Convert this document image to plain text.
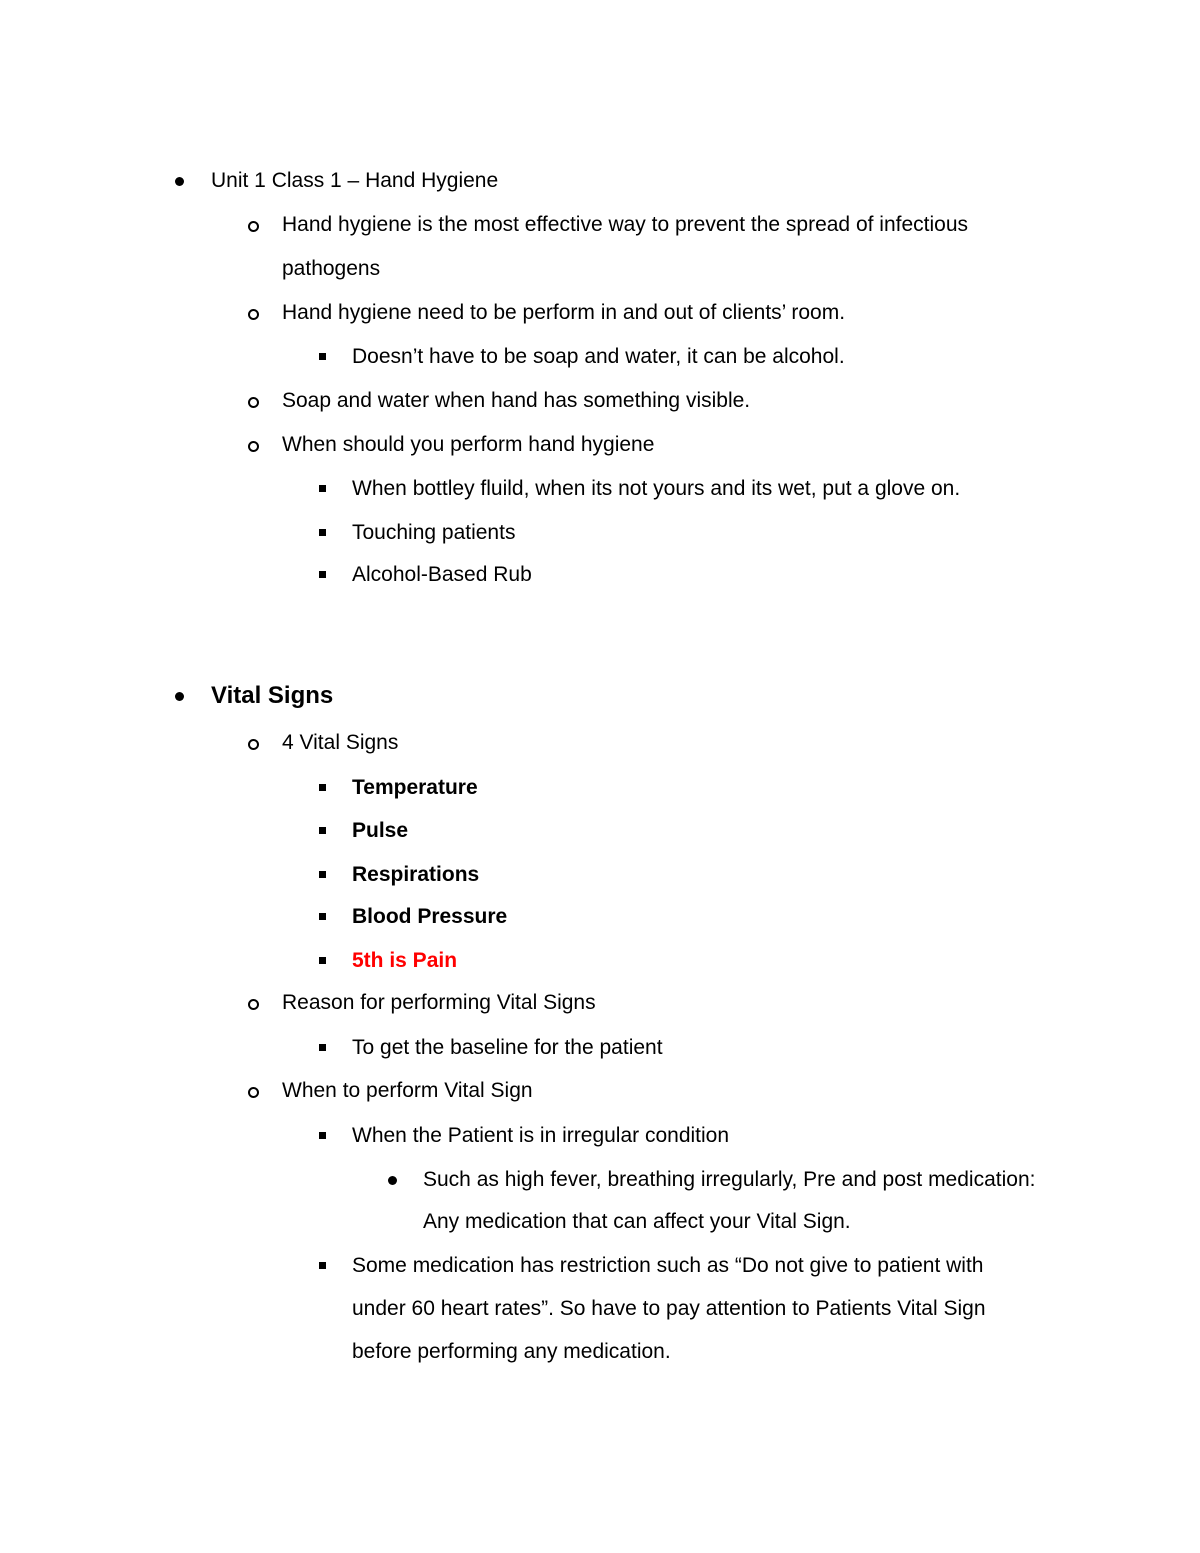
Unit 1 Class 1 – Hand Hygiene
Hand hygiene is the most effective way to prevent the spread of infectious
pathogens
Hand hygiene need to be perform in and out of clients’ room.
Doesn’t have to be soap and water, it can be alcohol.
Soap and water when hand has something visible.
When should you perform hand hygiene
When bottley fluild, when its not yours and its wet, put a glove on.
Touching patients
Alcohol-Based Rub
Vital Signs
4 Vital Signs
Temperature
Pulse
Respirations
Blood Pressure
5th is Pain
Reason for performing Vital Signs
To get the baseline for the patient
When to perform Vital Sign
When the Patient is in irregular condition
Such as high fever, breathing irregularly, Pre and post medication:
Any medication that can affect your Vital Sign.
Some medication has restriction such as “Do not give to patient with
under 60 heart rates”. So have to pay attention to Patients Vital Sign
before performing any medication.
